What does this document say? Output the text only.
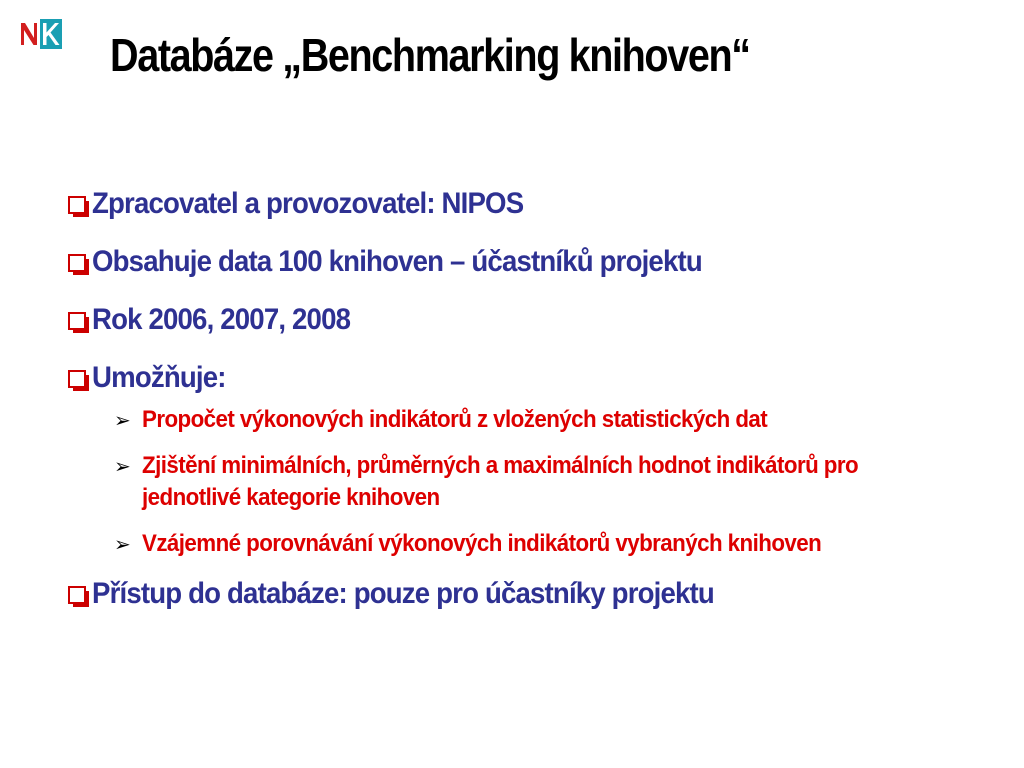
Databáze „Benchmarking knihoven“
Zpracovatel a provozovatel: NIPOS
Obsahuje data 100 knihoven – účastníků projektu
Rok 2006, 2007, 2008
Umožňuje:
➢ Propočet výkonových indikátorů z vložených statistických dat
➢ Zjištění minimálních, průměrných a maximálních hodnot indikátorů pro jednotlivé kategorie knihoven
➢ Vzájemné porovnávání výkonových indikátorů vybraných knihoven
Přístup do databáze: pouze pro účastníky projektu
